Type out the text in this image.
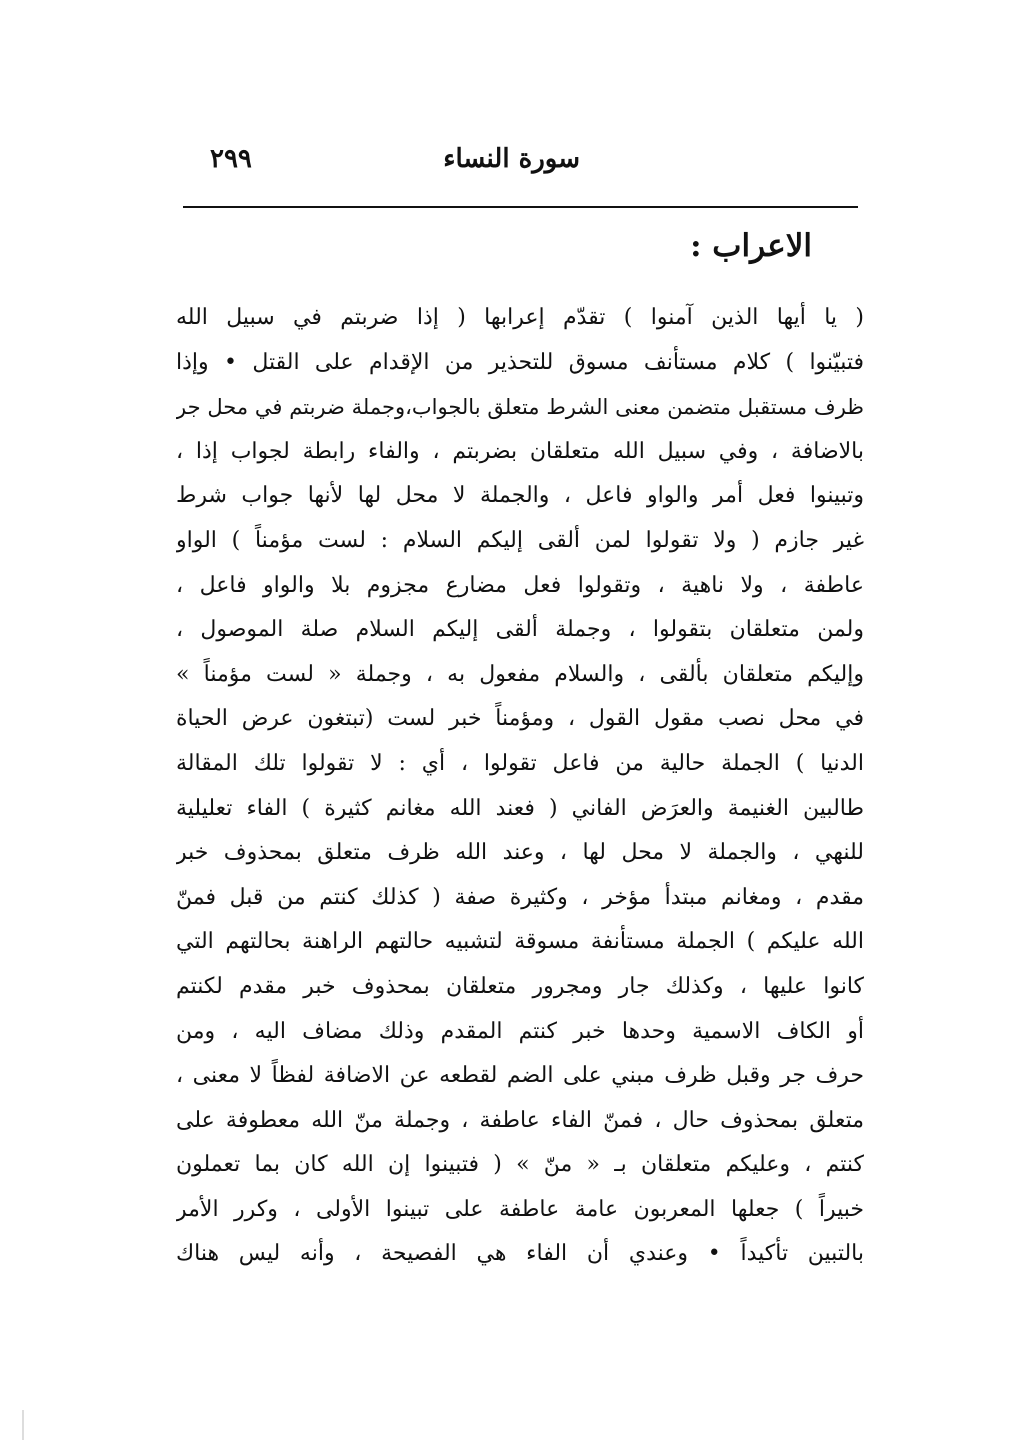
سورة النساء
٢٩٩
الاعراب :
( يا أيها الذين آمنوا ) تقدّم إعرابها ( إذا ضربتم في سبيل الله
فتبيّنوا ) كلام مستأنف مسوق للتحذير من الإقدام على القتل • وإذا
ظرف مستقبل متضمن معنى الشرط متعلق بالجواب،وجملة ضربتم في محل جر
بالاضافة ، وفي سبيل الله متعلقان بضربتم ، والفاء رابطة لجواب إذا ،
وتبينوا فعل أمر والواو فاعل ، والجملة لا محل لها لأنها جواب شرط
غير جازم ( ولا تقولوا لمن ألقى إليكم السلام : لست مؤمناً ) الواو
عاطفة ، ولا ناهية ، وتقولوا فعل مضارع مجزوم بلا والواو فاعل ،
ولمن متعلقان بتقولوا ، وجملة ألقى إليكم السلام صلة الموصول ،
وإليكم متعلقان بألقى ، والسلام مفعول به ، وجملة « لست مؤمناً »
في محل نصب مقول القول ، ومؤمناً خبر لست (تبتغون عرض الحياة
الدنيا ) الجملة حالية من فاعل تقولوا ، أي : لا تقولوا تلك المقالة
طالبين الغنيمة والعرَض الفاني ( فعند الله مغانم كثيرة ) الفاء تعليلية
للنهي ، والجملة لا محل لها ، وعند الله ظرف متعلق بمحذوف خبر
مقدم ، ومغانم مبتدأ مؤخر ، وكثيرة صفة ( كذلك كنتم من قبل فمنّ
الله عليكم ) الجملة مستأنفة مسوقة لتشبيه حالتهم الراهنة بحالتهم التي
كانوا عليها ، وكذلك جار ومجرور متعلقان بمحذوف خبر مقدم لكنتم
أو الكاف الاسمية وحدها خبر كنتم المقدم وذلك مضاف اليه ، ومن
حرف جر وقبل ظرف مبني على الضم لقطعه عن الاضافة لفظاً لا معنى ،
متعلق بمحذوف حال ، فمنّ الفاء عاطفة ، وجملة منّ الله معطوفة على
كنتم ، وعليكم متعلقان بـ « منّ » ( فتبينوا إن الله كان بما تعملون
خبيراً ) جعلها المعربون عامة عاطفة على تبينوا الأولى ، وكرر الأمر
بالتبين تأكيداً • وعندي أن الفاء هي الفصيحة ، وأنه ليس هناك
